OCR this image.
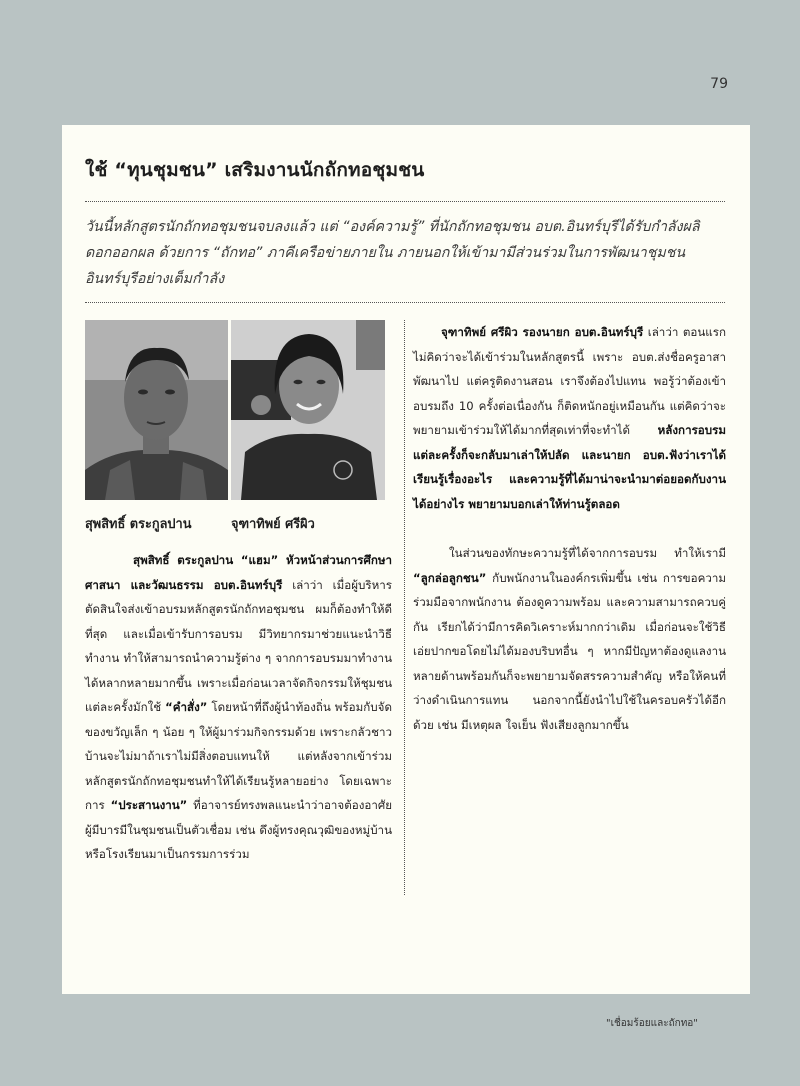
79
ใช้ “ทุนชุมชน” เสริมงานนักถักทอชุมชน

วันนี้หลักสูตรนักถักทอชุมชนจบลงแล้ว แต่ “องค์ความรู้” ที่นักถักทอชุมชน อบต.อินทร์บุรีได้รับกำลังผลิดอกออกผล ด้วยการ “ถักทอ” ภาคีเครือข่ายภายใน ภายนอกให้เข้ามามีส่วนร่วมในการพัฒนาชุมชนอินทร์บุรีอย่างเต็มกำลัง

สุพสิทธิ์ ตระกูลปาน	จุฑาทิพย์ ศรีผิว

สุพสิทธิ์ ตระกูลปาน “แฮม” หัวหน้าส่วนการศึกษา ศาสนา และวัฒนธรรม อบต.อินทร์บุรี เล่าว่า เมื่อผู้บริหารตัดสินใจส่งเข้าอบรมหลักสูตรนักถักทอชุมชน ผมก็ต้องทำให้ดีที่สุด และเมื่อเข้ารับการอบรม มีวิทยากรมาช่วยแนะนำวิธีทำงาน ทำให้สามารถนำความรู้ต่าง ๆ จากการอบรมมาทำงานได้หลากหลายมากขึ้น เพราะเมื่อก่อนเวลาจัดกิจกรรมให้ชุมชนแต่ละครั้งมักใช้ “คำสั่ง” โดยหน้าที่ถึงผู้นำท้องถิ่น พร้อมกับจัดของขวัญเล็ก ๆ น้อย ๆ ให้ผู้มาร่วมกิจกรรมด้วย เพราะกลัวชาวบ้านจะไม่มาถ้าเราไม่มีสิ่งตอบแทนให้ แต่หลังจากเข้าร่วมหลักสูตรนักถักทอชุมชนทำให้ได้เรียนรู้หลายอย่าง โดยเฉพาะการ “ประสานงาน” ที่อาจารย์ทรงพลแนะนำว่าอาจต้องอาศัยผู้มีบารมีในชุมชนเป็นตัวเชื่อม เช่น ดึงผู้ทรงคุณวุฒิของหมู่บ้าน หรือโรงเรียนมาเป็นกรรมการร่วม

จุฑาทิพย์ ศรีผิว รองนายก อบต.อินทร์บุรี เล่าว่า ตอนแรกไม่คิดว่าจะได้เข้าร่วมในหลักสูตรนี้ เพราะ อบต.ส่งชื่อครูอาสาพัฒนาไป แต่ครูติดงานสอน เราจึงต้องไปแทน พอรู้ว่าต้องเข้าอบรมถึง 10 ครั้งต่อเนื่องกัน ก็ติดหนักอยู่เหมือนกัน แต่คิดว่าจะพยายามเข้าร่วมให้ได้มากที่สุดเท่าที่จะทำได้ หลังการอบรมแต่ละครั้งก็จะกลับมาเล่าให้ปลัด และนายก อบต.ฟังว่าเราได้เรียนรู้เรื่องอะไร และความรู้ที่ได้มาน่าจะนำมาต่อยอดกับงานได้อย่างไร พยายามบอกเล่าให้ท่านรู้ตลอด

ในส่วนของทักษะความรู้ที่ได้จากการอบรม ทำให้เรามี “ลูกล่อลูกชน” กับพนักงานในองค์กรเพิ่มขึ้น เช่น การขอความร่วมมือจากพนักงาน ต้องดูความพร้อม และความสามารถควบคู่กัน เรียกได้ว่ามีการคิดวิเคราะห์มากกว่าเดิม เมื่อก่อนจะใช้วิธีเอ่ยปากขอโดยไม่ได้มองบริบทอื่น ๆ หากมีปัญหาต้องดูแลงานหลายด้านพร้อมกันก็จะพยายามจัดสรรความสำคัญ หรือให้คนที่ว่างดำเนินการแทน นอกจากนี้ยังนำไปใช้ในครอบครัวได้อีกด้วย เช่น มีเหตุผล ใจเย็น ฟังเสียงลูกมากขึ้น

"เชื่อมร้อยและถักทอ"
